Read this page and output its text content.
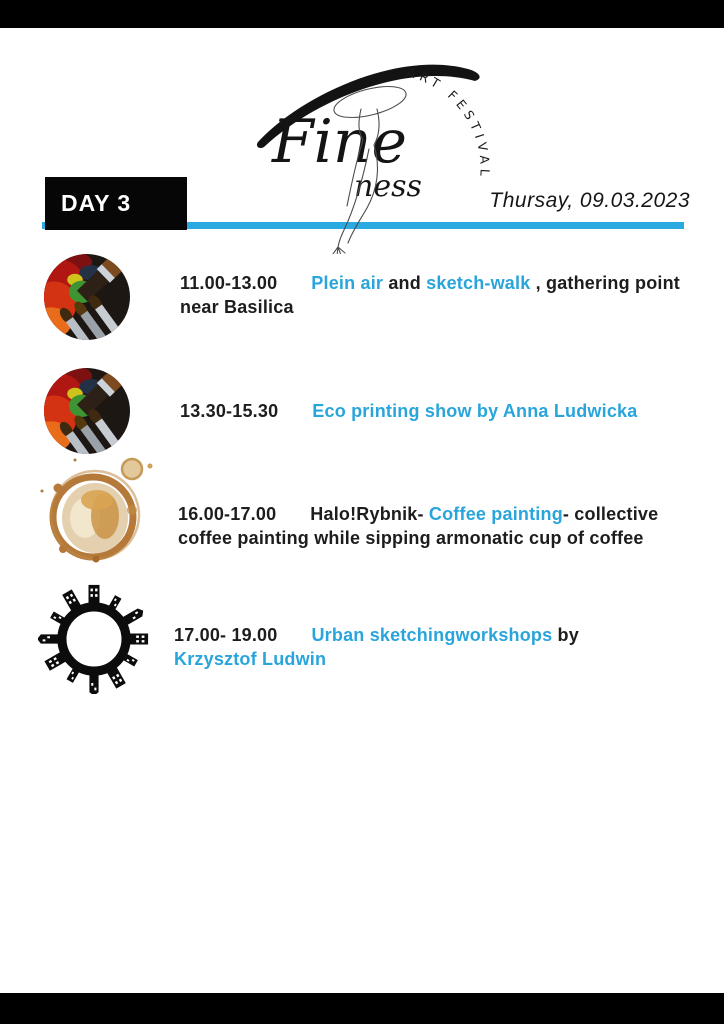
Fine
ness
ART FESTIVAL
DAY 3	Thursay, 09.03.2023

11.00-13.00 Plein air and sketch-walk , gathering point near Basilica

13.30-15.30 Eco printing show by Anna Ludwicka

16.00-17.00 Halo!Rybnik- Coffee painting- collective coffee painting while sipping armonatic cup of coffee

17.00- 19.00 Urban sketchingworkshops by Krzysztof Ludwin
